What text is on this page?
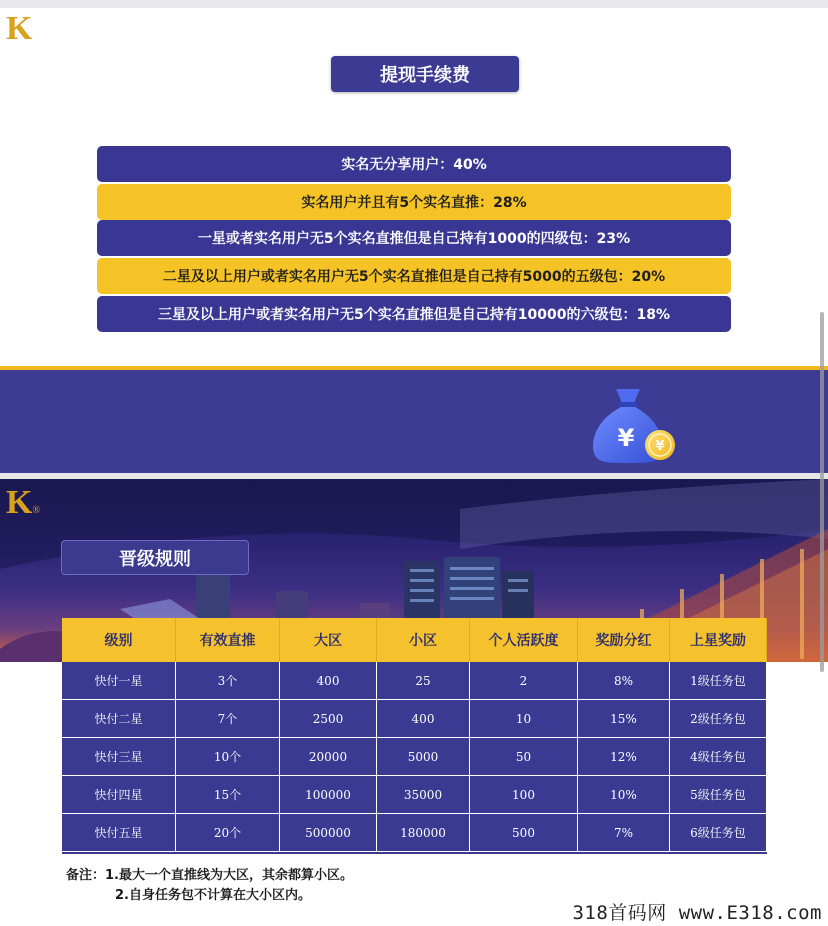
K
提现手续费
实名无分享用户：40%
实名用户并且有5个实名直推：28%
一星或者实名用户无5个实名直推但是自己持有1000的四级包：23%
二星及以上用户或者实名用户无5个实名直推但是自己持有5000的五级包：20%
三星及以上用户或者实名用户无5个实名直推但是自己持有10000的六级包：18%
¥ ¥
K®
晋级规则
级别	有效直推	大区	小区	个人活跃度	奖励分红	上星奖励
快付一星	3个	400	25	2	8%	1级任务包
快付二星	7个	2500	400	10	15%	2级任务包
快付三星	10个	20000	5000	50	12%	4级任务包
快付四星	15个	100000	35000	100	10%	5级任务包
快付五星	20个	500000	180000	500	7%	6级任务包
备注：1.最大一个直推线为大区，其余都算小区。
2.自身任务包不计算在大小区内。
318首码网 www.E318.com
